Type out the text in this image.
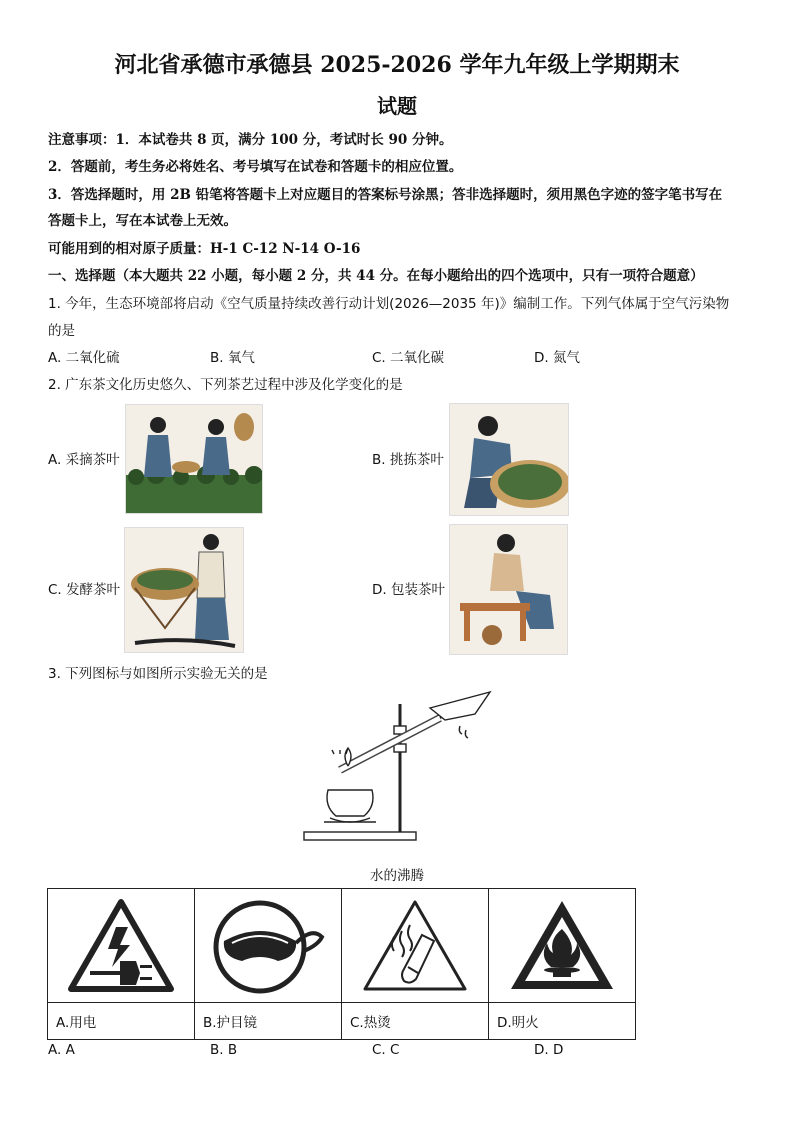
河北省承德市承德县 2025-2026 学年九年级上学期期末
试题
注意事项：1．本试卷共 8 页，满分 100 分，考试时长 90 分钟。
2．答题前，考生务必将姓名、考号填写在试卷和答题卡的相应位置。
3．答选择题时，用 2B 铅笔将答题卡上对应题目的答案标号涂黑；答非选择题时，须用黑色字迹的签字笔书写在
答题卡上，写在本试卷上无效。
可能用到的相对原子质量：H-1 C-12 N-14 O-16
一、选择题（本大题共 22 小题，每小题 2 分，共 44 分。在每小题给出的四个选项中，只有一项符合题意）
1. 今年，生态环境部将启动《空气质量持续改善行动计划(2026—2035 年)》编制工作。下列气体属于空气污染物
的是
A. 二氧化硫	B. 氧气	C. 二氧化碳	D. 氮气
2. 广东茶文化历史悠久、下列茶艺过程中涉及化学变化的是
A. 采摘茶叶	B. 挑拣茶叶
C. 发酵茶叶	D. 包装茶叶
3. 下列图标与如图所示实验无关的是
水的沸腾

A.用电	B.护目镜	C.热烫	D.明火
A. A	B. B	C. C	D. D
